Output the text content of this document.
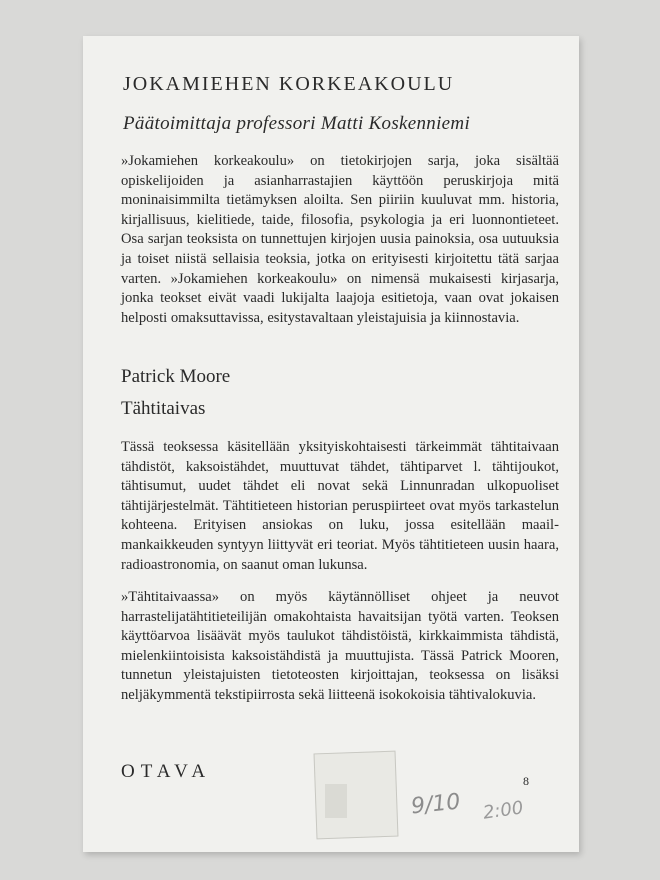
JOKAMIEHEN KORKEAKOULU
Päätoimittaja professori Matti Koskenniemi
»Jokamiehen korkeakoulu» on tietokirjojen sarja, joka sisältää opiskelijoiden ja asianharrastajien käyttöön peruskirjoja mitä moninaisimmilta tietämyksen aloilta. Sen piiriin kuuluvat mm. historia, kirjallisuus, kielitiede, taide, filosofia, psykologia ja eri luonnontieteet. Osa sarjan teoksista on tunnettujen kirjojen uusia painoksia, osa uutuuksia ja toiset niistä sellaisia teoksia, jotka on erityisesti kirjoitettu tätä sarjaa varten. »Jokamiehen korkeakoulu» on nimensä mukaisesti kirjasarja, jonka teokset eivät vaadi lukijalta laajoja esitietoja, vaan ovat jokaisen helposti omaksuttavissa, esitystavaltaan yleistajuisia ja kiinnostavia.
Patrick Moore
Tähtitaivas
Tässä teoksessa käsitellään yksityiskohtaisesti tärkeimmät tähtitaivaan tähdistöt, kaksoistähdet, muuttuvat tähdet, tähtiparvet l. tähtijoukot, tähtisumut, uudet tähdet eli novat sekä Linnunradan ulkopuoliset tähtijärjestelmät. Tähtitieteen historian peruspiirteet ovat myös tarkastelun kohteena. Erityisen ansiokas on luku, jossa esitellään maailmankaikkeuden syntyyn liittyvät eri teoriat. Myös tähtitieteen uusin haara, radioastronomia, on saanut oman lukunsa.
»Tähtitaivaassa» on myös käytännölliset ohjeet ja neuvot harrastelijatähtitieteilijän omakohtaista havaitsijan työtä varten. Teoksen käyttöarvoa lisäävät myös taulukot tähdistöistä, kirkkaimmista tähdistä, mielenkiintoisista kaksoistähdistä ja muuttujista. Tässä Patrick Mooren, tunnetun yleistajuisten tietoteosten kirjoittajan, teoksessa on lisäksi neljäkymmentä tekstipiirrosta sekä liitteenä isokokoisia tähtivalokuvia.
OTAVA	8
9/10 2:00
